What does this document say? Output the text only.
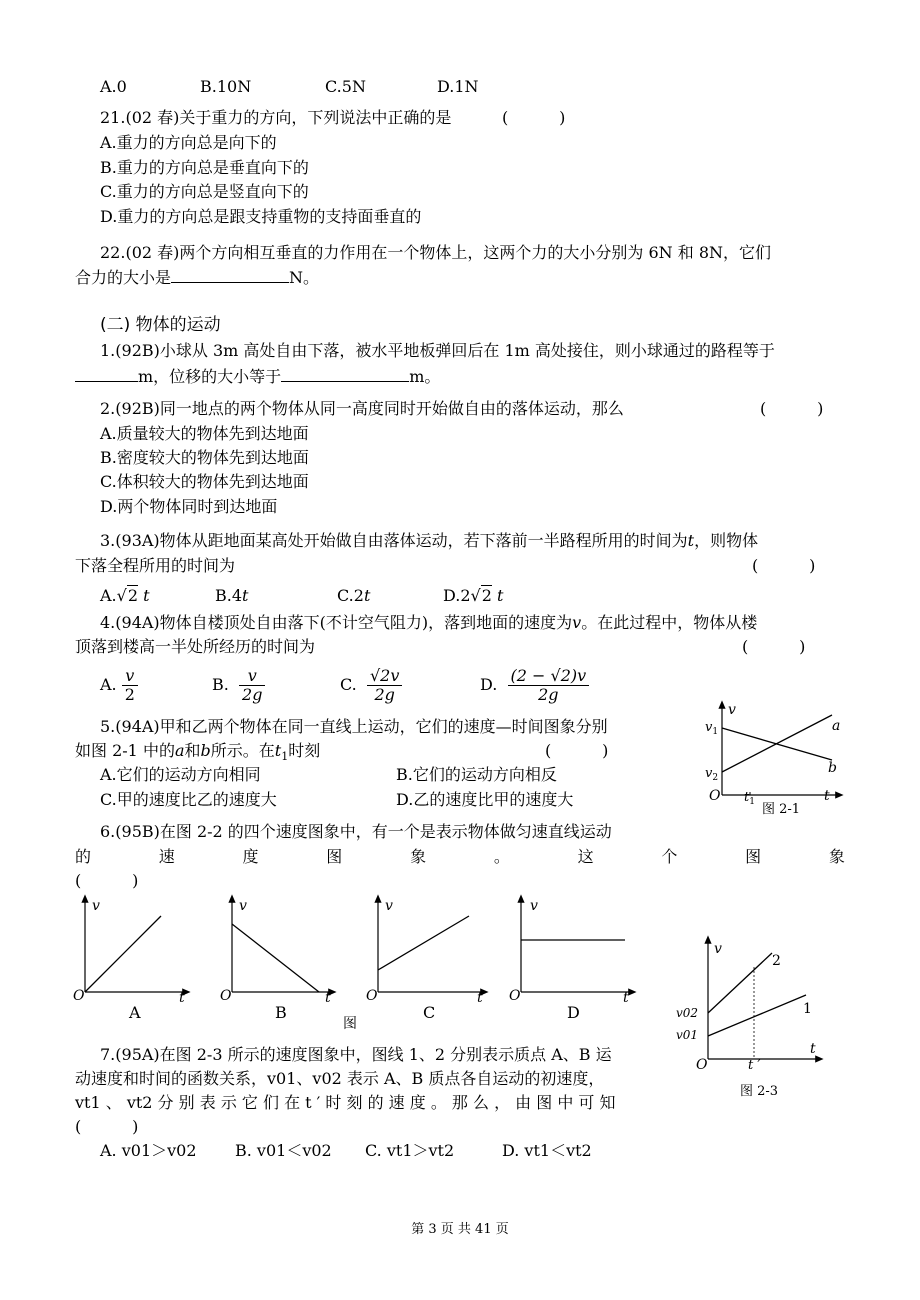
A.0	B.10N	C.5N	D.1N
21.(02 春)关于重力的方向，下列说法中正确的是	(          )
A.重力的方向总是向下的
B.重力的方向总是垂直向下的
C.重力的方向总是竖直向下的
D.重力的方向总是跟支持重物的支持面垂直的
22.(02 春)两个方向相互垂直的力作用在一个物体上，这两个力的大小分别为 6N 和 8N，它们
合力的大小是	N。
(二) 物体的运动
1.(92B)小球从 3m 高处自由下落，被水平地板弹回后在 1m 高处接住，则小球通过的路程等于
m，位移的大小等于	m。
2.(92B)同一地点的两个物体从同一高度同时开始做自由的落体运动，那么	(          )
A.质量较大的物体先到达地面
B.密度较大的物体先到达地面
C.体积较大的物体先到达地面
D.两个物体同时到达地面
3.(93A)物体从距地面某高处开始做自由落体运动，若下落前一半路程所用的时间为t，则物体
下落全程所用的时间为	(          )
A.√2 t	B.4t	C.2t	D.2√2 t
4.(94A)物体自楼顶处自由落下(不计空气阻力)，落到地面的速度为v。在此过程中，物体从楼
顶落到楼高一半处所经历的时间为	(          )
A. $\frac{v}{2}$	B. $\frac{v}{2g}$	C. $\frac{√2v}{2g}$	D. $\frac{(2 - √2)v}{2g}$
5.(94A)甲和乙两个物体在同一直线上运动，它们的速度—时间图象分别
如图 2-1 中的a和b所示。在$t_1$时刻	(          )
A.它们的运动方向相同	B.它们的运动方向相反
C.甲的速度比乙的速度大	D.乙的速度比甲的速度大
v
$v_1$
$v_2$
O $t_1$	t
a
b
图 2-1
6.(95B)在图 2-2 的四个速度图象中，有一个是表示物体做匀速直线运动
的	速	度	图	象	。	这	个	图	象
(          )
v
O	t
A
v
O	t
B
图
v
O	t
C
v
O	t
D
v
v02
v01
O	t ′
t
2
1
图 2-3
7.(95A)在图 2-3 所示的速度图象中，图线 1、2 分别表示质点 A、B 运
动速度和时间的函数关系，v01、v02 表示 A、B 质点各自运动的初速度，
vt1 、 vt2 分 别 表 示 它 们 在 t ′ 时 刻 的 速 度 。 那 么 ， 由 图 中 可 知
(          )
A. v01＞v02 B. v01＜v02 C. vt1＞vt2	D. vt1＜vt2
第 3 页 共 41 页
